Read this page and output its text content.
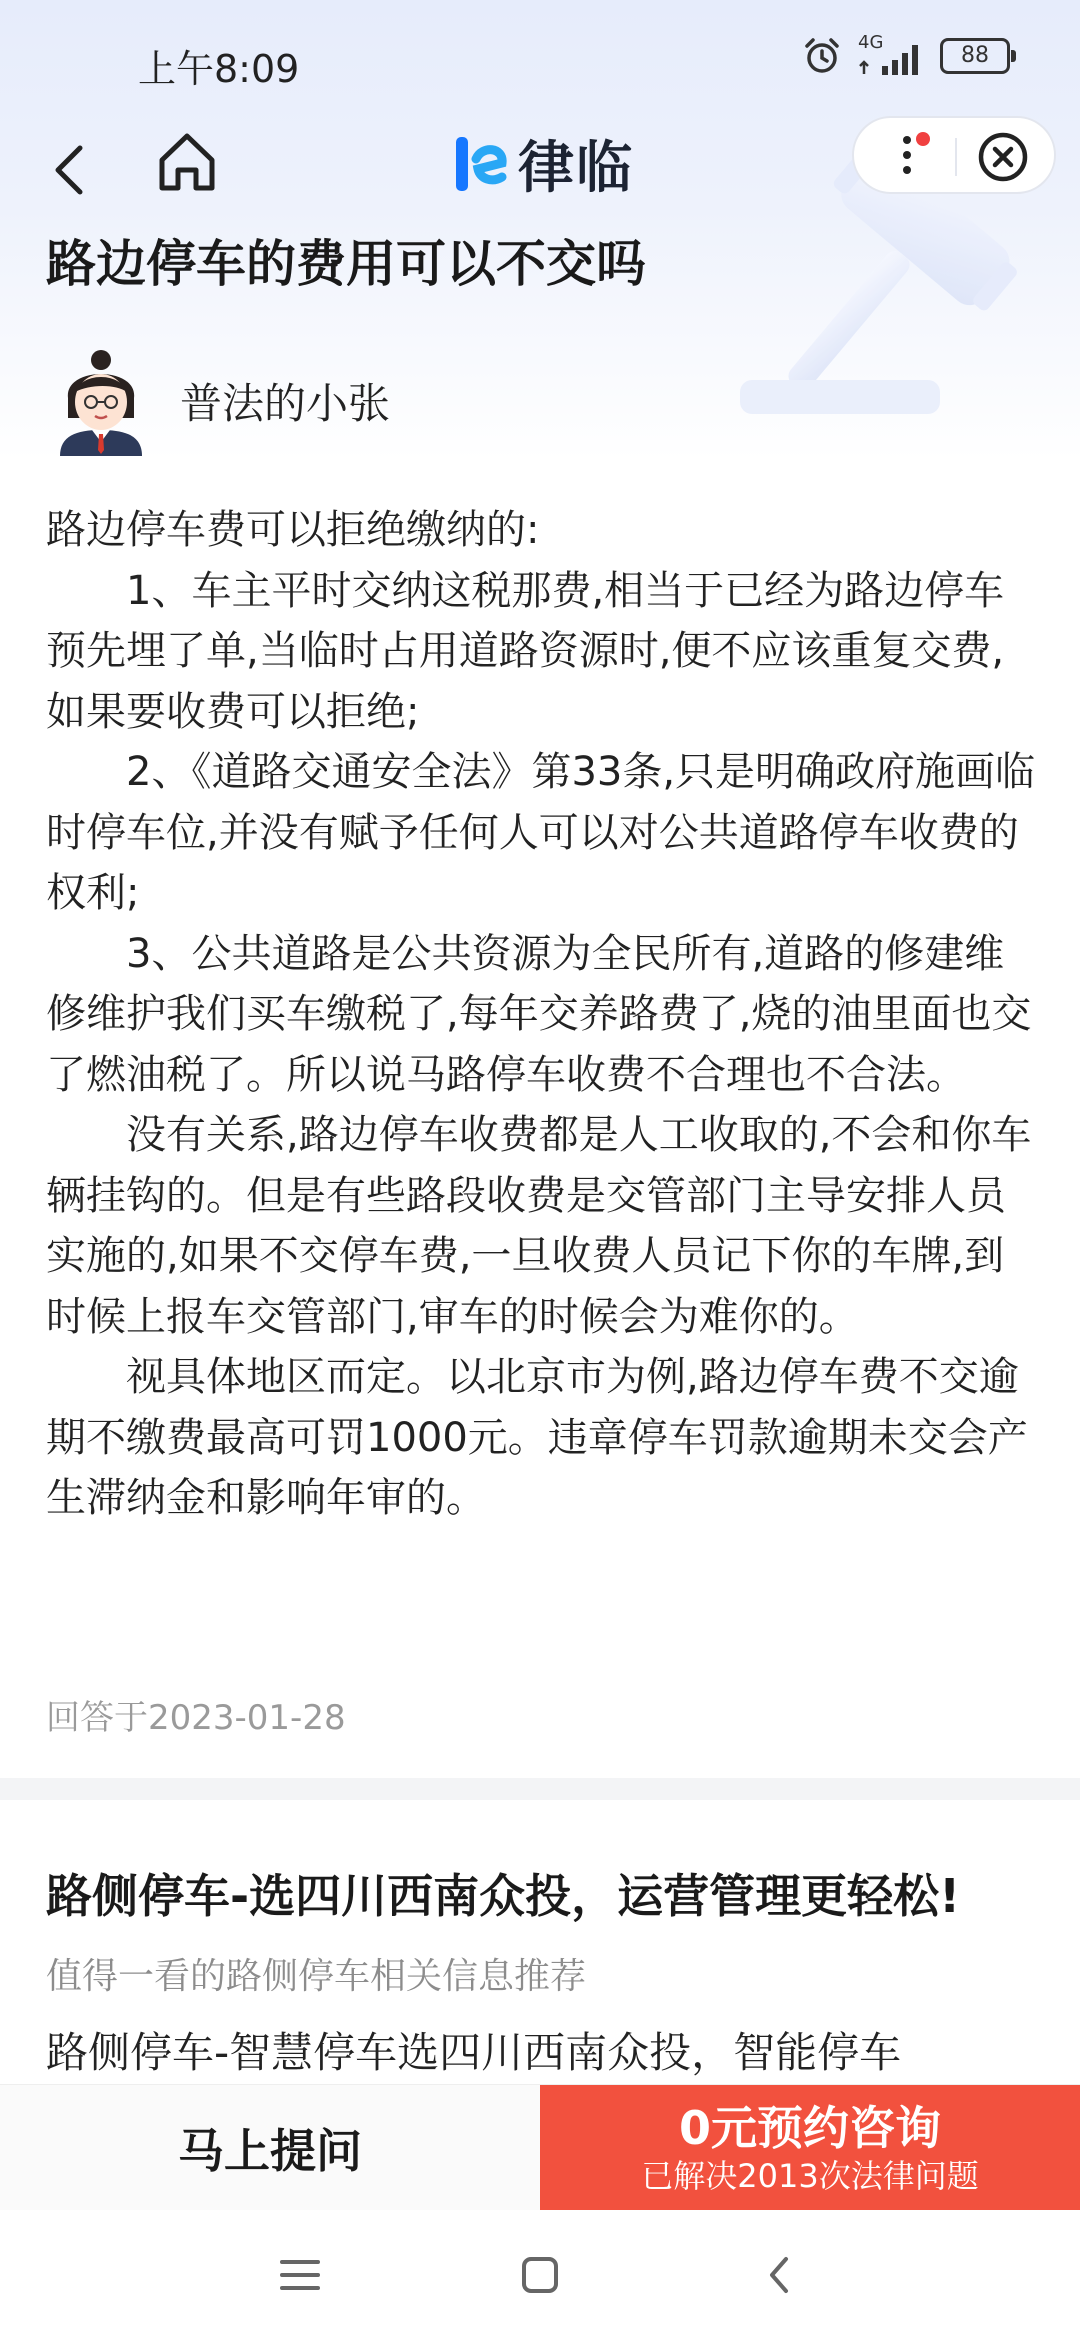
上午8:09
4G
88
律临
路边停车的费用可以不交吗
普法的小张

路边停车费可以拒绝缴纳的:

1、车主平时交纳这税那费,相当于已经为路边停车预先埋了单,当临时占用道路资源时,便不应该重复交费,如果要收费可以拒绝;

2、《道路交通安全法》第33条,只是明确政府施画临时停车位,并没有赋予任何人可以对公共道路停车收费的权利;

3、公共道路是公共资源为全民所有,道路的修建维修维护我们买车缴税了,每年交养路费了,烧的油里面也交了燃油税了。所以说马路停车收费不合理也不合法。

没有关系,路边停车收费都是人工收取的,不会和你车辆挂钩的。但是有些路段收费是交管部门主导安排人员实施的,如果不交停车费,一旦收费人员记下你的车牌,到时候上报车交管部门,审车的时候会为难你的。

视具体地区而定。以北京市为例,路边停车费不交逾期不缴费最高可罚1000元。违章停车罚款逾期未交会产生滞纳金和影响年审的。

回答于2023-01-28
路侧停车-选四川西南众投，运营管理更轻松!
值得一看的路侧停车相关信息推荐
路侧停车-智慧停车选四川西南众投，智能停车
马上提问	0元预约咨询
已解决2013次法律问题
